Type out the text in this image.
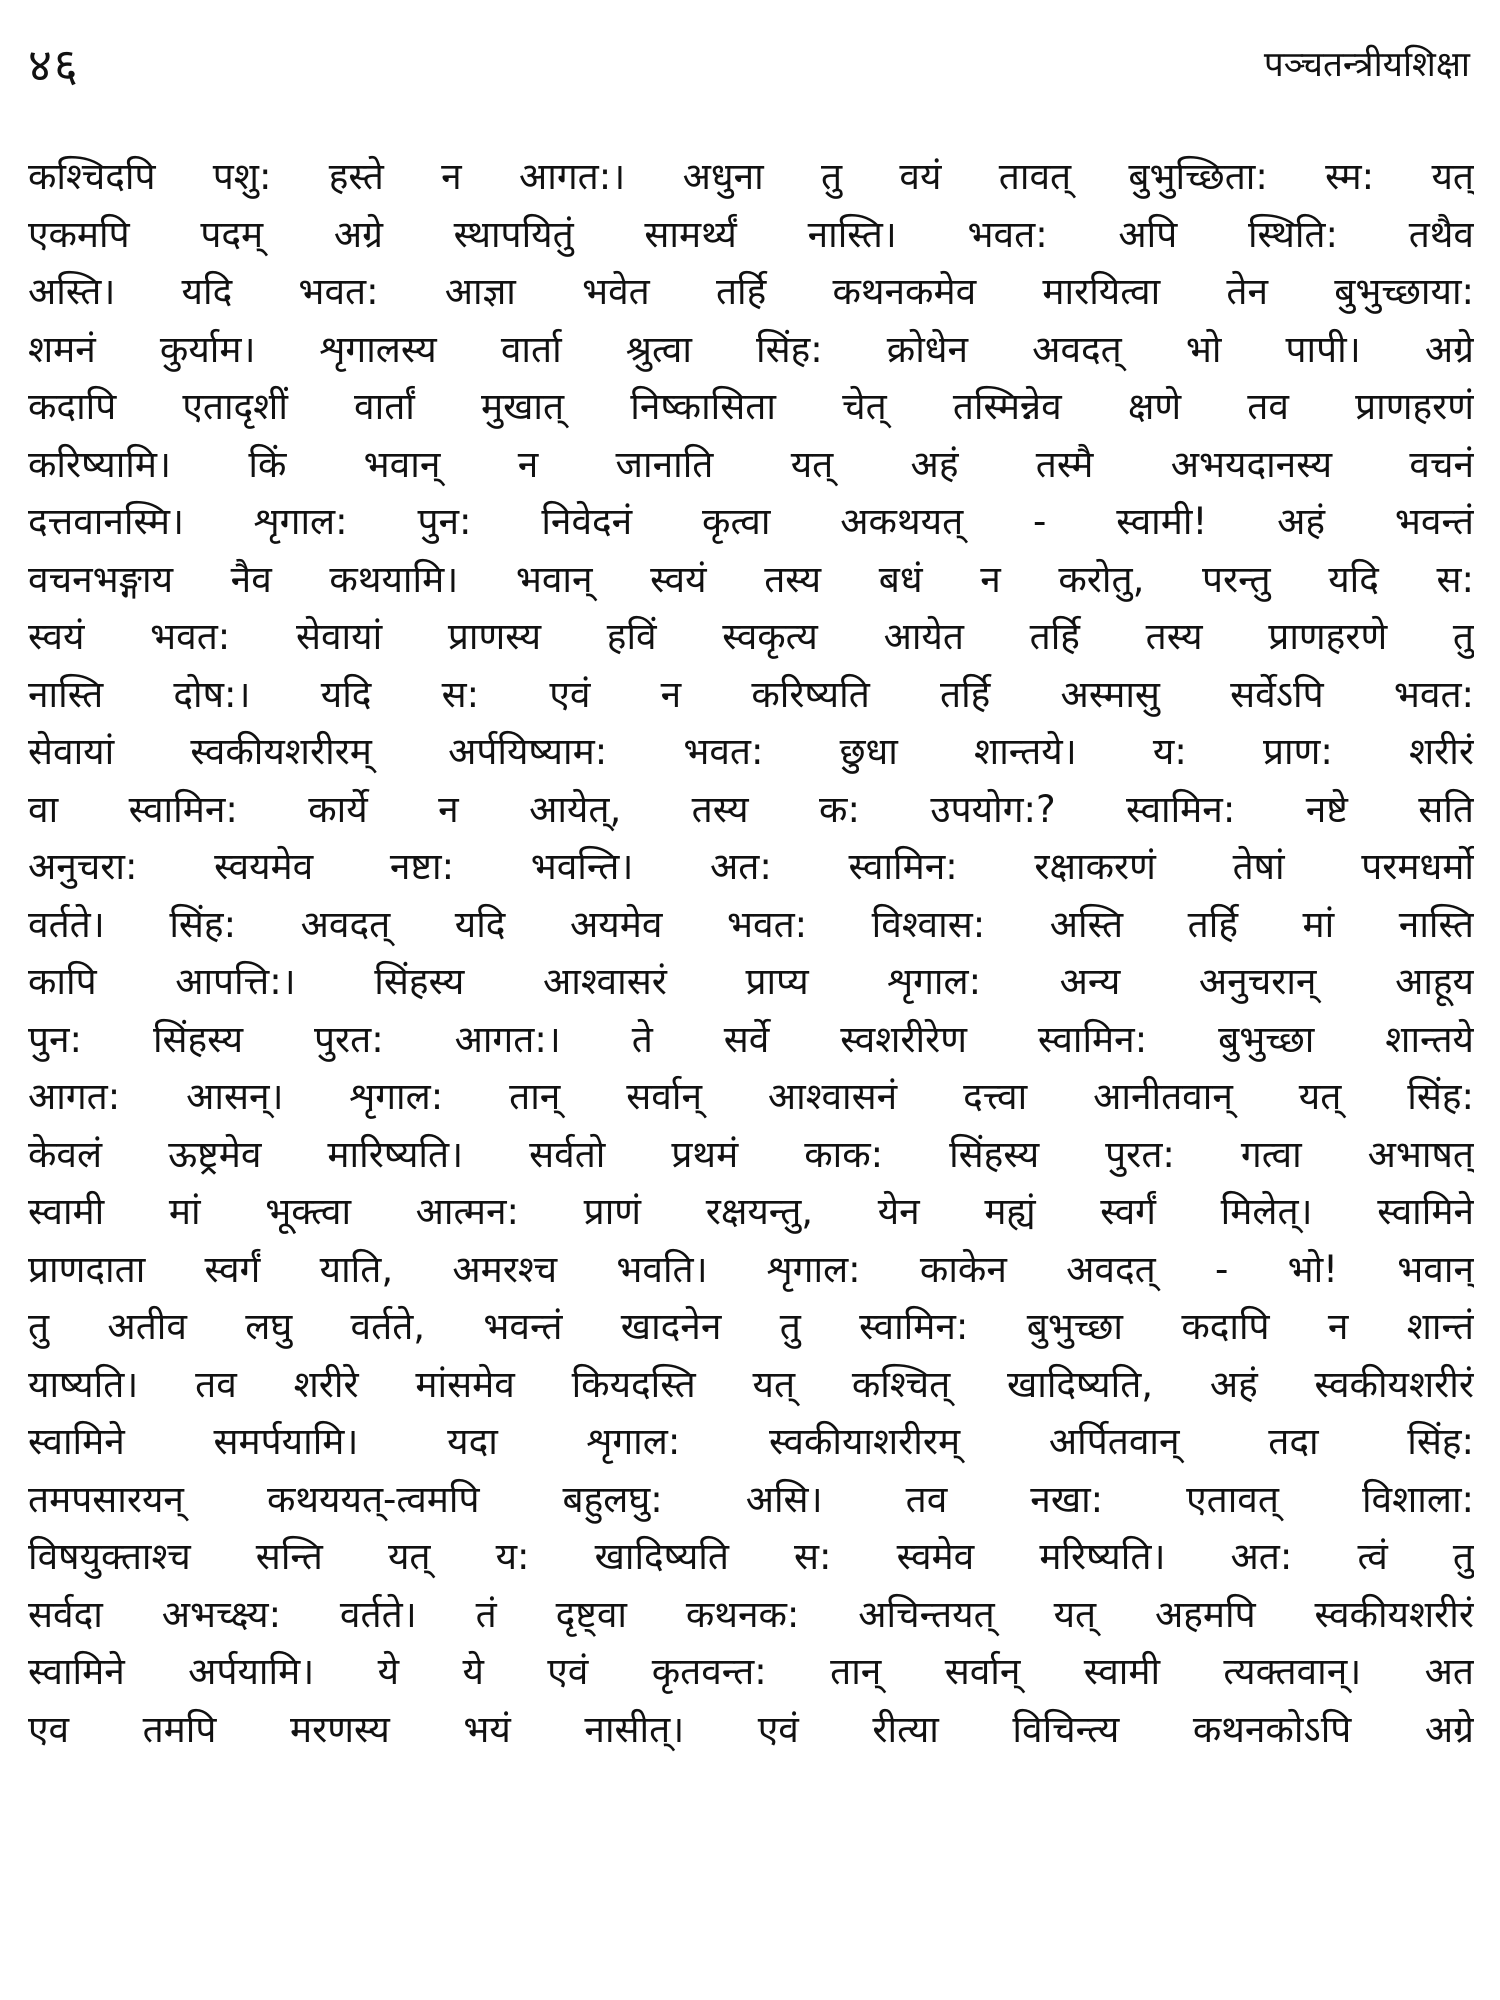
४६	पञ्चतन्त्रीयशिक्षा
कश्चिदपि पशु: हस्ते न आगत:। अधुना तु वयं तावत् बुभुच्छिता: स्म: यत्
एकमपि पदम् अग्रे स्थापयितुं सामर्थ्यं नास्ति। भवत: अपि स्थिति: तथैव
अस्ति। यदि भवत: आज्ञा भवेत तर्हि कथनकमेव मारयित्वा तेन बुभुच्छाया:
शमनं कुर्याम। शृगालस्य वार्ता श्रुत्वा सिंह: क्रोधेन अवदत् भो पापी। अग्रे
कदापि एतादृशीं वार्तां मुखात् निष्कासिता चेत् तस्मिन्नेव क्षणे तव प्राणहरणं
करिष्यामि। किं भवान् न जानाति यत् अहं तस्मै अभयदानस्य वचनं
दत्तवानस्मि। शृगाल: पुन: निवेदनं कृत्वा अकथयत् - स्वामी! अहं भवन्तं
वचनभङ्गाय नैव कथयामि। भवान् स्वयं तस्य बधं न करोतु, परन्तु यदि स:
स्वयं भवत: सेवायां प्राणस्य हविं स्वकृत्य आयेत तर्हि तस्य प्राणहरणे तु
नास्ति दोष:। यदि स: एवं न करिष्यति तर्हि अस्मासु सर्वेऽपि भवत:
सेवायां स्वकीयशरीरम् अर्पयिष्याम: भवत: छुधा शान्तये। य: प्राण: शरीरं
वा स्वामिन: कार्ये न आयेत्, तस्य क: उपयोग:? स्वामिन: नष्टे सति
अनुचरा: स्वयमेव नष्टा: भवन्ति। अत: स्वामिन: रक्षाकरणं तेषां परमधर्मो
वर्तते। सिंह: अवदत् यदि अयमेव भवत: विश्वास: अस्ति तर्हि मां नास्ति
कापि आपत्ति:। सिंहस्य आश्वासरं प्राप्य शृगाल: अन्य अनुचरान् आहूय
पुन: सिंहस्य पुरत: आगत:। ते सर्वे स्वशरीरेण स्वामिन: बुभुच्छा शान्तये
आगत: आसन्। शृगाल: तान् सर्वान् आश्वासनं दत्त्वा आनीतवान् यत् सिंह:
केवलं ऊष्ट्रमेव मारिष्यति। सर्वतो प्रथमं काक: सिंहस्य पुरत: गत्वा अभाषत्
स्वामी मां भूक्त्वा आत्मन: प्राणं रक्षयन्तु, येन मह्यं स्वर्गं मिलेत्। स्वामिने
प्राणदाता स्वर्गं याति, अमरश्च भवति। शृगाल: काकेन अवदत् - भो! भवान्
तु अतीव लघु वर्तते, भवन्तं खादनेन तु स्वामिन: बुभुच्छा कदापि न शान्तं
याष्यति। तव शरीरे मांसमेव कियदस्ति यत् कश्चित् खादिष्यति, अहं स्वकीयशरीरं
स्वामिने समर्पयामि। यदा शृगाल: स्वकीयाशरीरम् अर्पितवान् तदा सिंह:
तमपसारयन् कथययत्-त्वमपि बहुलघु: असि। तव नखा: एतावत् विशाला:
विषयुक्ताश्च सन्ति यत् य: खादिष्यति स: स्वमेव मरिष्यति। अत: त्वं तु
सर्वदा अभच्क्ष्य: वर्तते। तं दृष्ट्वा कथनक: अचिन्तयत् यत् अहमपि स्वकीयशरीरं
स्वामिने अर्पयामि। ये ये एवं कृतवन्त: तान् सर्वान् स्वामी त्यक्तवान्। अत
एव तमपि मरणस्य भयं नासीत्। एवं रीत्या विचिन्त्य कथनकोऽपि अग्रे
